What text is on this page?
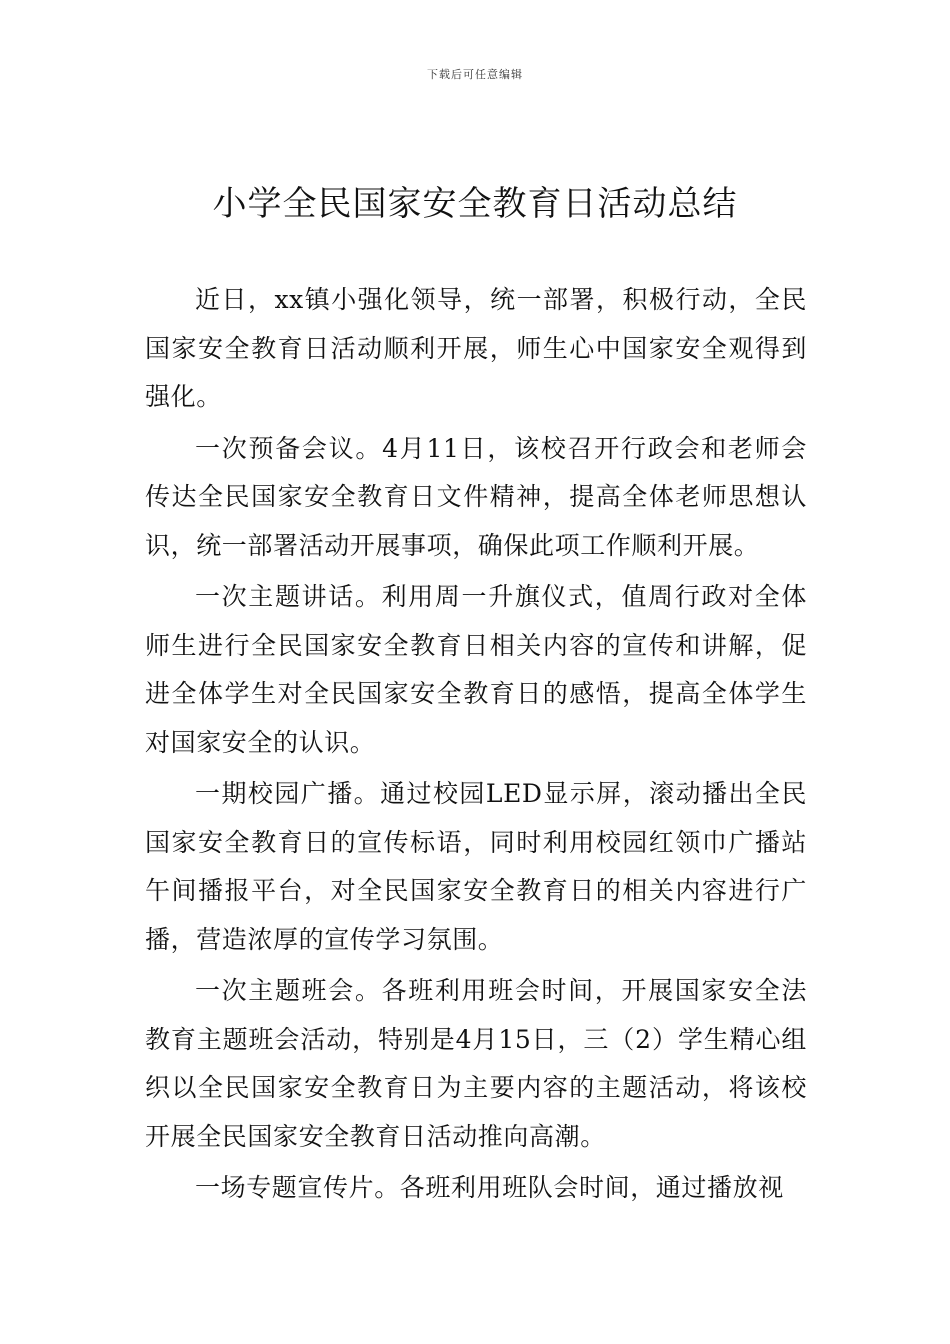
下载后可任意编辑
小学全民国家安全教育日活动总结

近日，xx镇小强化领导，统一部署，积极行动，全民国家安全教育日活动顺利开展，师生心中国家安全观得到强化。

一次预备会议。4月11日，该校召开行政会和老师会传达全民国家安全教育日文件精神，提高全体老师思想认识，统一部署活动开展事项，确保此项工作顺利开展。

一次主题讲话。利用周一升旗仪式，值周行政对全体师生进行全民国家安全教育日相关内容的宣传和讲解，促进全体学生对全民国家安全教育日的感悟，提高全体学生对国家安全的认识。

一期校园广播。通过校园LED显示屏，滚动播出全民国家安全教育日的宣传标语，同时利用校园红领巾广播站午间播报平台，对全民国家安全教育日的相关内容进行广播，营造浓厚的宣传学习氛围。

一次主题班会。各班利用班会时间，开展国家安全法教育主题班会活动，特别是4月15日，三（2）学生精心组织以全民国家安全教育日为主要内容的主题活动，将该校开展全民国家安全教育日活动推向高潮。

一场专题宣传片。各班利用班队会时间，通过播放视
